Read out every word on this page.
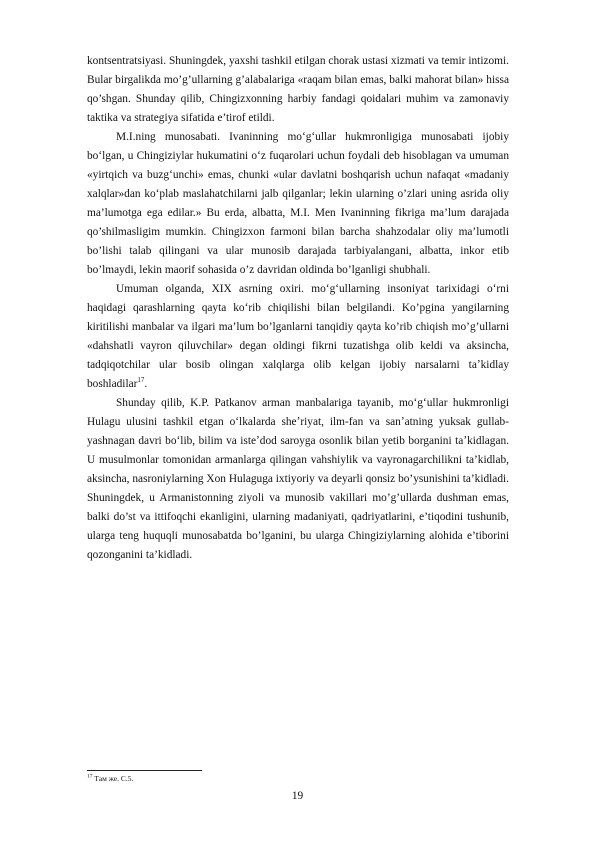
kontsentratsiyasi. Shuningdek, yaxshi tashkil etilgan chorak ustasi xizmati va temir intizomi. Bular birgalikda mo’g’ullarning g’alabalariga «raqam bilan emas, balki mahorat bilan» hissa qo’shgan. Shunday qilib, Chingizxonning harbiy fandagi qoidalari muhim va zamonaviy taktika va strategiya sifatida e’tirof etildi.

M.I.ning munosabati. Ivaninning moʻgʻullar hukmronligiga munosabati ijobiy boʻlgan, u Chingiziylar hukumatini oʻz fuqarolari uchun foydali deb hisoblagan va umuman «yirtqich va buzgʻunchi» emas, chunki «ular davlatni boshqarish uchun nafaqat «madaniy xalqlar»dan koʻplab maslahatchilarni jalb qilganlar; lekin ularning o’zlari uning asrida oliy ma’lumotga ega edilar.» Bu erda, albatta, M.I. Men Ivaninning fikriga ma’lum darajada qo’shilmasligim mumkin. Chingizxon farmoni bilan barcha shahzodalar oliy ma’lumotli bo’lishi talab qilingani va ular munosib darajada tarbiyalangani, albatta, inkor etib bo’lmaydi, lekin maorif sohasida o’z davridan oldinda bo’lganligi shubhali.

Umuman olganda, XIX asrning oxiri. moʻgʻullarning insoniyat tarixidagi oʻrni haqidagi qarashlarning qayta koʻrib chiqilishi bilan belgilandi. Ko’pgina yangilarning kiritilishi manbalar va ilgari ma’lum bo’lganlarni tanqidiy qayta ko’rib chiqish mo’g’ullarni «dahshatli vayron qiluvchilar» degan oldingi fikrni tuzatishga olib keldi va aksincha, tadqiqotchilar ular bosib olingan xalqlarga olib kelgan ijobiy narsalarni taʼkidlay boshladilar$^{17}$.

Shunday qilib, K.P. Patkanov arman manbalariga tayanib, moʻgʻullar hukmronligi Hulagu ulusini tashkil etgan oʻlkalarda sheʼriyat, ilm-fan va sanʼatning yuksak gullab-yashnagan davri boʻlib, bilim va isteʼdod saroyga osonlik bilan yetib borganini taʼkidlagan. U musulmonlar tomonidan armanlarga qilingan vahshiylik va vayronagarchilikni ta’kidlab, aksincha, nasroniylarning Xon Hulaguga ixtiyoriy va deyarli qonsiz bo’ysunishini ta’kidladi. Shuningdek, u Armanistonning ziyoli va munosib vakillari mo’g’ullarda dushman emas, balki do’st va ittifoqchi ekanligini, ularning madaniyati, qadriyatlarini, e’tiqodini tushunib, ularga teng huquqli munosabatda bo’lganini, bu ularga Chingiziylarning alohida e’tiborini qozonganini ta’kidladi.

$^{17}$ Там же. С.5.
19
